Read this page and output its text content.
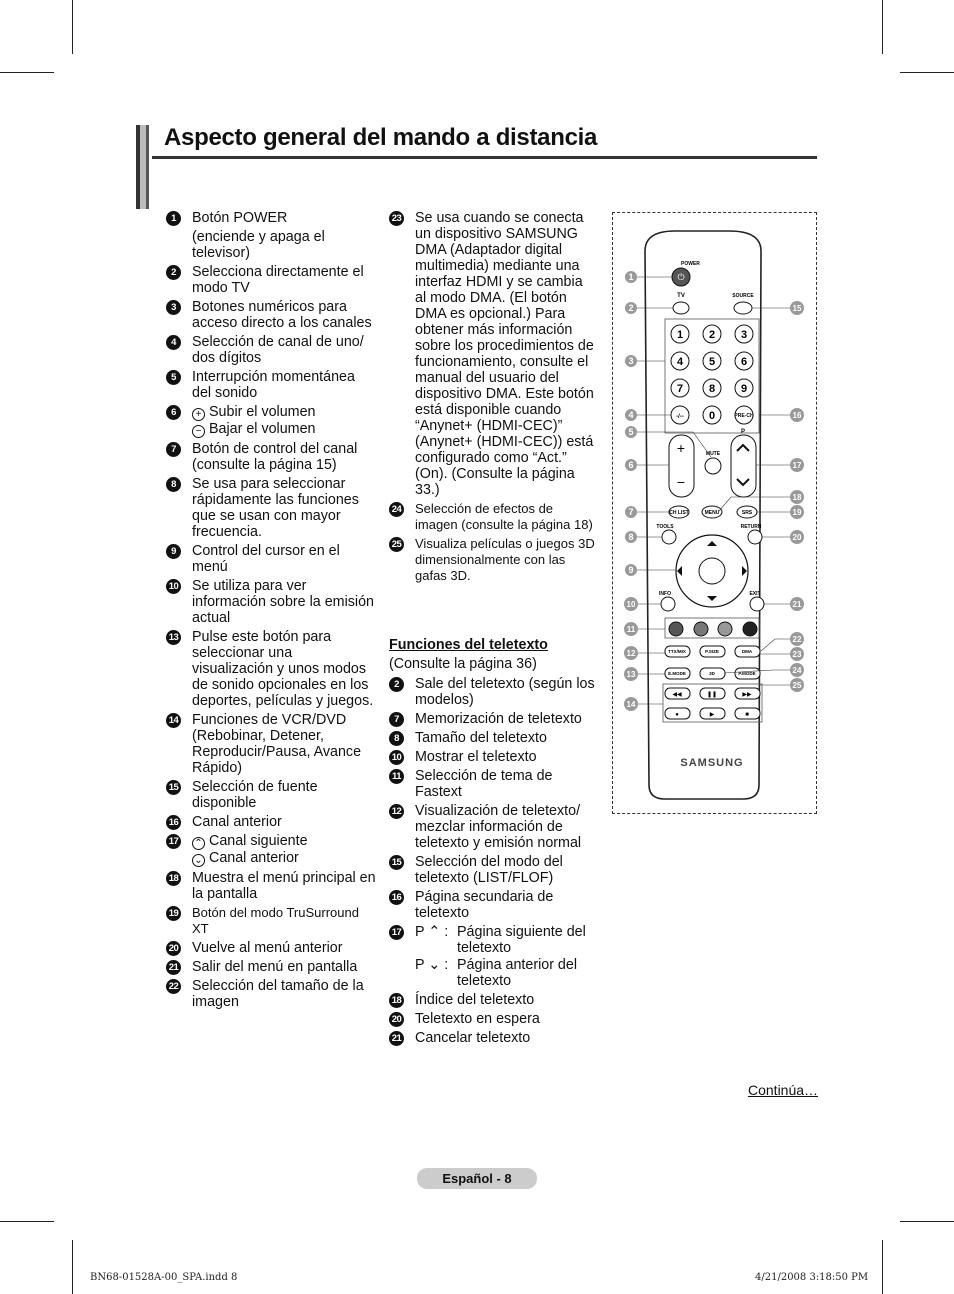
Aspecto general del mando a distancia
1	Botón POWER
(enciende y apaga el televisor)
2	Selecciona directamente el modo TV
3	Botones numéricos para acceso directo a los canales
4	Selección de canal de uno/ dos dígitos
5	Interrupción momentánea del sonido
6	+ Subir el volumen
− Bajar el volumen
7	Botón de control del canal (consulte la página 15)
8	Se usa para seleccionar rápidamente las funciones que se usan con mayor frecuencia.
9	Control del cursor en el menú
10 Se utiliza para ver información sobre la emisión actual
13 Pulse este botón para seleccionar una visualización y unos modos de sonido opcionales en los deportes, películas y juegos.
14 Funciones de VCR/DVD (Rebobinar, Detener, Reproducir/Pausa, Avance Rápido)
15 Selección de fuente disponible
16 Canal anterior
17 ⌃ Canal siguiente
⌄ Canal anterior
18 Muestra el menú principal en la pantalla
19 Botón del modo TruSurround XT
20 Vuelve al menú anterior
21 Salir del menú en pantalla
22 Selección del tamaño de la imagen
23 Se usa cuando se conecta un dispositivo SAMSUNG DMA (Adaptador digital multimedia) mediante una interfaz HDMI y se cambia al modo DMA. (El botón DMA es opcional.) Para obtener más información sobre los procedimientos de funcionamiento, consulte el manual del usuario del dispositivo DMA. Este botón está disponible cuando “Anynet+ (HDMI-CEC)” (Anynet+ (HDMI-CEC)) está configurado como “Act.” (On). (Consulte la página 33.)
24 Selección de efectos de imagen (consulte la página 18)
25 Visualiza películas o juegos 3D dimensionalmente con las gafas 3D.
Funciones del teletexto
(Consulte la página 36)
2	Sale del teletexto (según los modelos)
7	Memorización de teletexto
8	Tamaño del teletexto
10 Mostrar el teletexto
11 Selección de tema de Fastext
12 Visualización de teletexto/ mezclar información de teletexto y emisión normal
15 Selección del modo del teletexto (LIST/FLOF)
16 Página secundaria de teletexto
17 P ⌃ : Página siguiente del teletexto
P ⌄ : Página anterior del teletexto
18 Índice del teletexto
20 Teletexto en espera
21 Cancelar teletexto
POWER
⏻
TV	SOURCE
1 2 3
4 5 6
7 8 9
-/-- 0	PRE-CH
+
−
MUTE
P
CH LIST	MENU	SRS
TOOLS	RETURN
INFO	EXIT
TTX/MIX	P.SIZE	DMA
E.MODE	3D	P.MODE
◀◀	❚❚	▶▶
●	▶	■
SAMSUNG
1
2
3
4
5
6
7
8
9
10
11
12
13
14
15
16
17
18
19
20
21
22
23
24
25
Continúa…
Español - 8
BN68-01528A-00_SPA.indd 8	4/21/2008 3:18:50 PM
